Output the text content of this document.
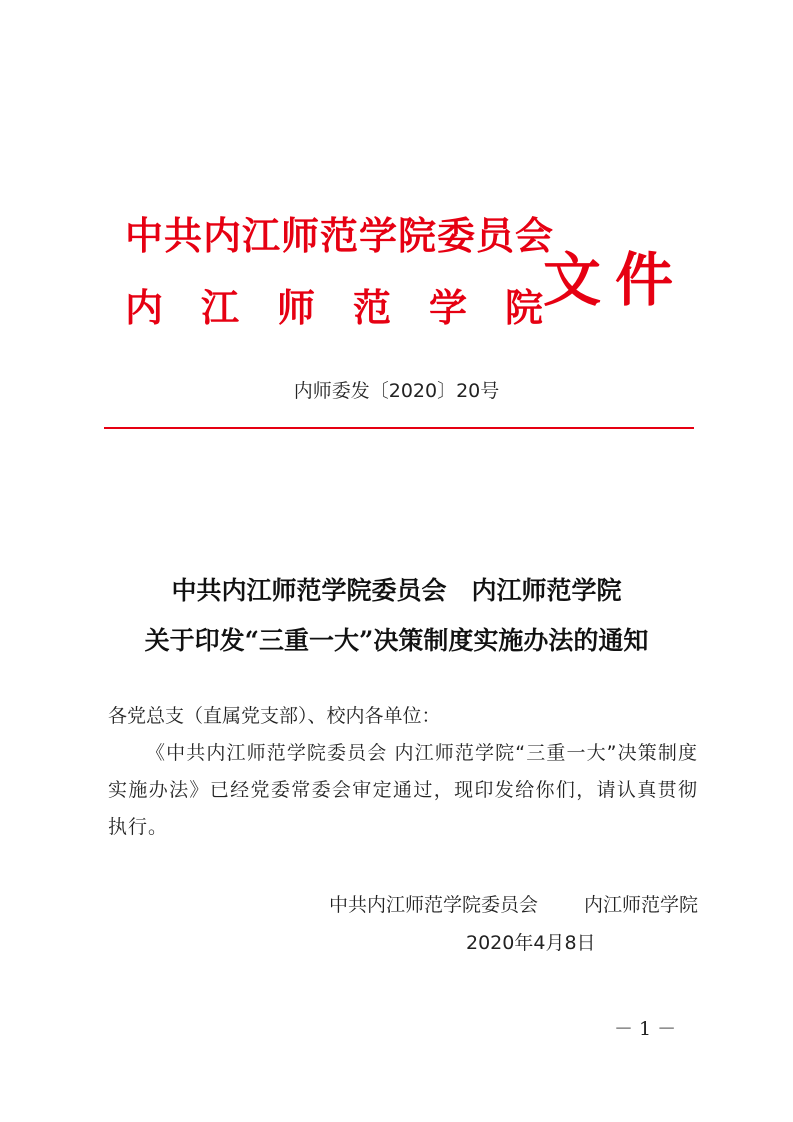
中共内江师范学院委员会
内江师范学院
文件
内师委发〔2020〕20号
中共内江师范学院委员会　内江师范学院
关于印发“三重一大”决策制度实施办法的通知
各党总支（直属党支部）、校内各单位：
《中共内江师范学院委员会 内江师范学院“三重一大”决策制度实施办法》已经党委常委会审定通过，现印发给你们，请认真贯彻执行。
中共内江师范学院委员会 内江师范学院
2020年4月8日
－ 1 －
